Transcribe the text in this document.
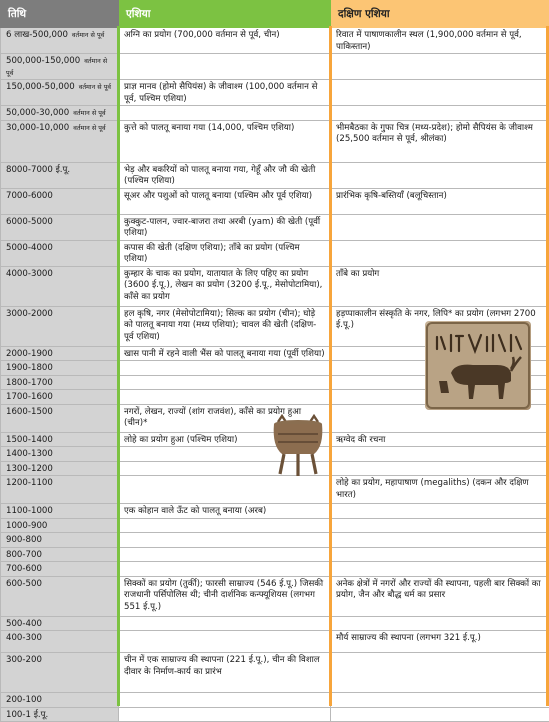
तिथि	एशिया	दक्षिण एशिया
6 लाख-500,000 वर्तमान से पूर्व	अग्नि का प्रयोग (700,000 वर्तमान से पूर्व, चीन)	रिवात में पाषाणकालीन स्थल (1,900,000 वर्तमान से पूर्व, पाकिस्तान)
500,000-150,000 वर्तमान से पूर्व		
150,000-50,000 वर्तमान से पूर्व	प्राज्ञ मानव (होमो सैपियंस) के जीवाश्म (100,000 वर्तमान से पूर्व, पश्चिम एशिया)	
50,000-30,000 वर्तमान से पूर्व		
30,000-10,000 वर्तमान से पूर्व	कुत्ते को पालतू बनाया गया (14,000, पश्चिम एशिया)	भीमबैठका के गुफा चित्र (मध्य-प्रदेश); होमो सैपियंस के जीवाश्म (25,500 वर्तमान से पूर्व, श्रीलंका)
8000-7000 ई.पू.	भेड़ और बकरियों को पालतू बनाया गया, गेहूँ और जौ की खेती (पश्चिम एशिया)	
7000-6000	सूअर और पशुओं को पालतू बनाया (पश्चिम और पूर्व एशिया)	प्रारंभिक कृषि-बस्तियाँ (बलूचिस्तान)
6000-5000	कुक्कुट-पालन, ज्वार-बाजरा तथा अरबी (yam) की खेती (पूर्वी एशिया)	
5000-4000	कपास की खेती (दक्षिण एशिया); ताँबे का प्रयोग (पश्चिम एशिया)	
4000-3000	कुम्हार के चाक का प्रयोग, यातायात के लिए पहिए का प्रयोग (3600 ई.पू.), लेखन का प्रयोग (3200 ई.पू., मेसोपोटामिया), काँसे का प्रयोग	ताँबे का प्रयोग
3000-2000	हल कृषि, नगर (मेसोपोटामिया); सिल्क का प्रयोग (चीन); घोड़े को पालतू बनाया गया (मध्य एशिया); चावल की खेती (दक्षिण-पूर्व एशिया)	हड़प्पाकालीन संस्कृति के नगर, लिपि* का प्रयोग (लगभग 2700 ई.पू.)
2000-1900	खास पानी में रहने वाली भैंस को पालतू बनाया गया (पूर्वी एशिया)	
1900-1800		
1800-1700		
1700-1600		
1600-1500	नगरों, लेखन, राज्यों (शांग राजवंश), काँसे का प्रयोग हुआ (चीन)*	
1500-1400	लोहे का प्रयोग हुआ (पश्चिम एशिया)	ऋग्वेद की रचना
1400-1300		
1300-1200		
1200-1100		लोहे का प्रयोग, महापाषाण (megaliths) (दकन और दक्षिण भारत)
1100-1000	एक कोहान वाले ऊँट को पालतू बनाया (अरब)	
1000-900		
900-800		
800-700		
700-600		
600-500	सिक्कों का प्रयोग (तुर्की); फारसी साम्राज्य (546 ई.पू.) जिसकी राजधानी पर्सिपोलिस थी; चीनी दार्शनिक कन्फ्यूशियस (लगभग 551 ई.पू.)	अनेक क्षेत्रों में नगरों और राज्यों की स्थापना, पहली बार सिक्कों का प्रयोग, जैन और बौद्ध धर्म का प्रसार
500-400		
400-300		मौर्य साम्राज्य की स्थापना (लगभग 321 ई.पू.)
300-200	चीन में एक साम्राज्य की स्थापना (221 ई.पू.), चीन की विशाल दीवार के निर्माण-कार्य का प्रारंभ	
200-100		
100-1 ई.पू.		
